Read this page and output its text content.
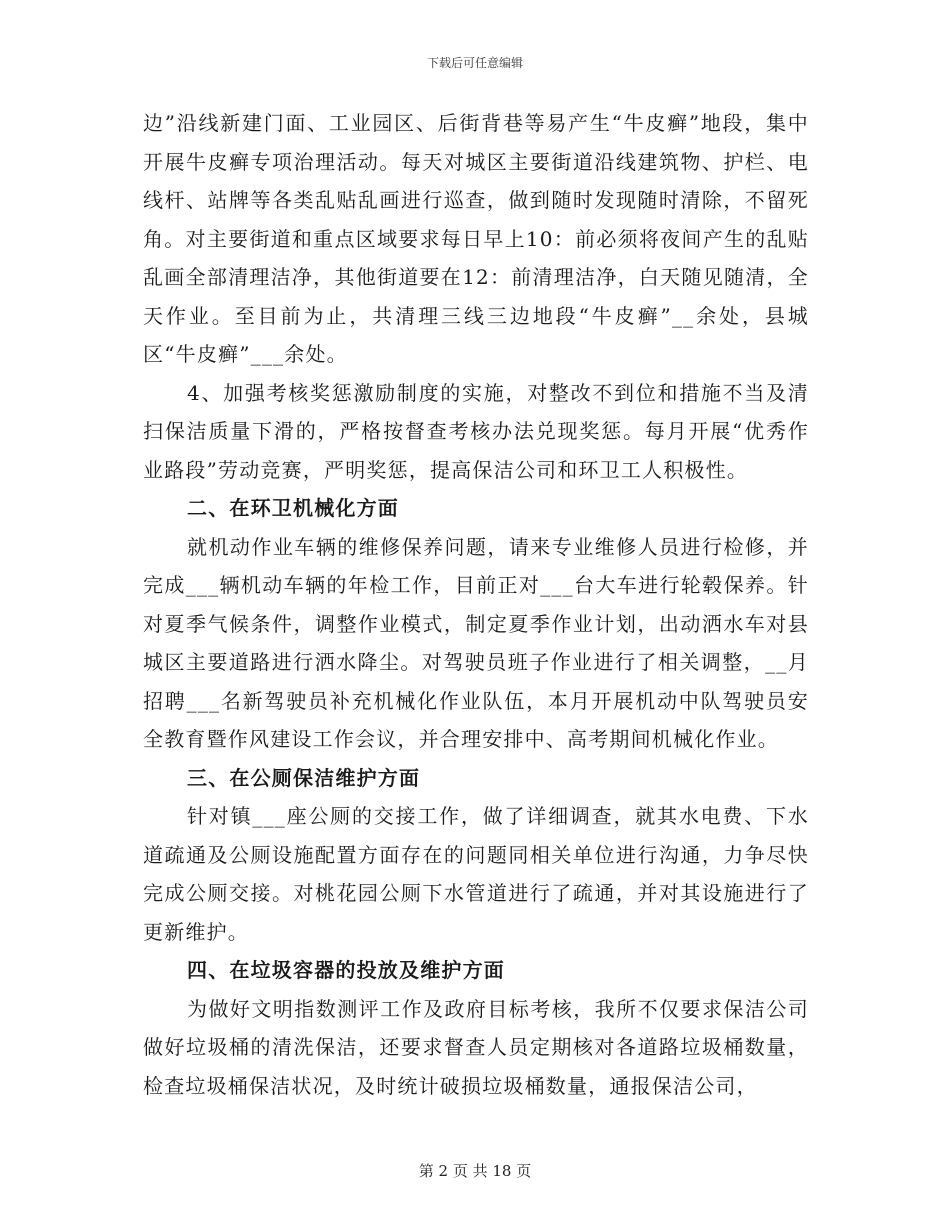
下载后可任意编辑

边”沿线新建门面、工业园区、后街背巷等易产生“牛皮癣”地段，集中开展牛皮癣专项治理活动。每天对城区主要街道沿线建筑物、护栏、电线杆、站牌等各类乱贴乱画进行巡查，做到随时发现随时清除，不留死角。对主要街道和重点区域要求每日早上10：前必须将夜间产生的乱贴乱画全部清理洁净，其他街道要在12：前清理洁净，白天随见随清，全天作业。至目前为止，共清理三线三边地段“牛皮癣”__余处，县城区“牛皮癣”___余处。

4、加强考核奖惩激励制度的实施，对整改不到位和措施不当及清扫保洁质量下滑的，严格按督查考核办法兑现奖惩。每月开展“优秀作业路段”劳动竞赛，严明奖惩，提高保洁公司和环卫工人积极性。

二、在环卫机械化方面

就机动作业车辆的维修保养问题，请来专业维修人员进行检修，并完成___辆机动车辆的年检工作，目前正对___台大车进行轮毂保养。针对夏季气候条件，调整作业模式，制定夏季作业计划，出动洒水车对县城区主要道路进行洒水降尘。对驾驶员班子作业进行了相关调整，__月招聘___名新驾驶员补充机械化作业队伍，本月开展机动中队驾驶员安全教育暨作风建设工作会议，并合理安排中、高考期间机械化作业。

三、在公厕保洁维护方面

针对镇___座公厕的交接工作，做了详细调查，就其水电费、下水道疏通及公厕设施配置方面存在的问题同相关单位进行沟通，力争尽快完成公厕交接。对桃花园公厕下水管道进行了疏通，并对其设施进行了更新维护。

四、在垃圾容器的投放及维护方面

为做好文明指数测评工作及政府目标考核，我所不仅要求保洁公司做好垃圾桶的清洗保洁，还要求督查人员定期核对各道路垃圾桶数量，检查垃圾桶保洁状况，及时统计破损垃圾桶数量，通报保洁公司，

第 2 页 共 18 页
